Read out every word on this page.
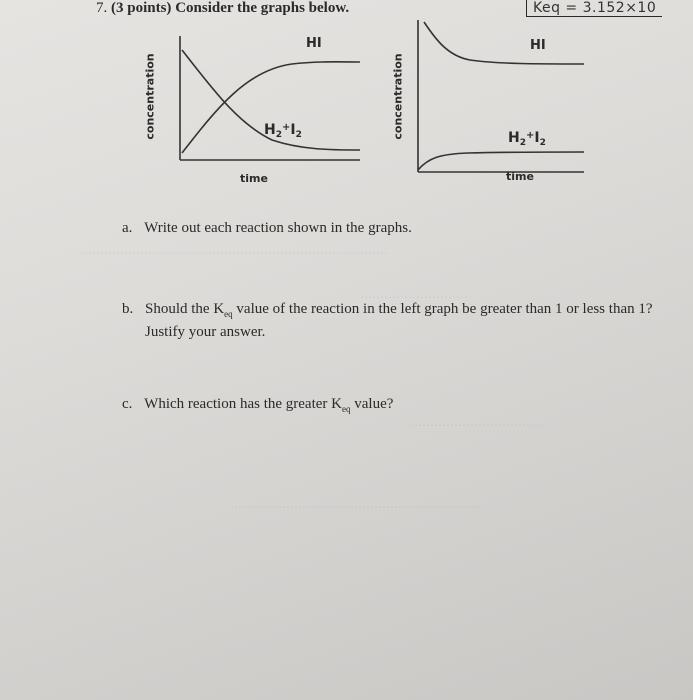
7. (3 points) Consider the graphs below.	Keq = 3.152×10
concentration
time
HI
$H_2^+I_2$	concentration
time
HI
$H_2^+I_2$
·············································································
···························
··································
·······························································
a. Write out each reaction shown in the graphs.
b. Should the $K_{eq}$ value of the reaction in the left graph be greater than 1 or less than 1?
Justify your answer.
c. Which reaction has the greater $K_{eq}$ value?
